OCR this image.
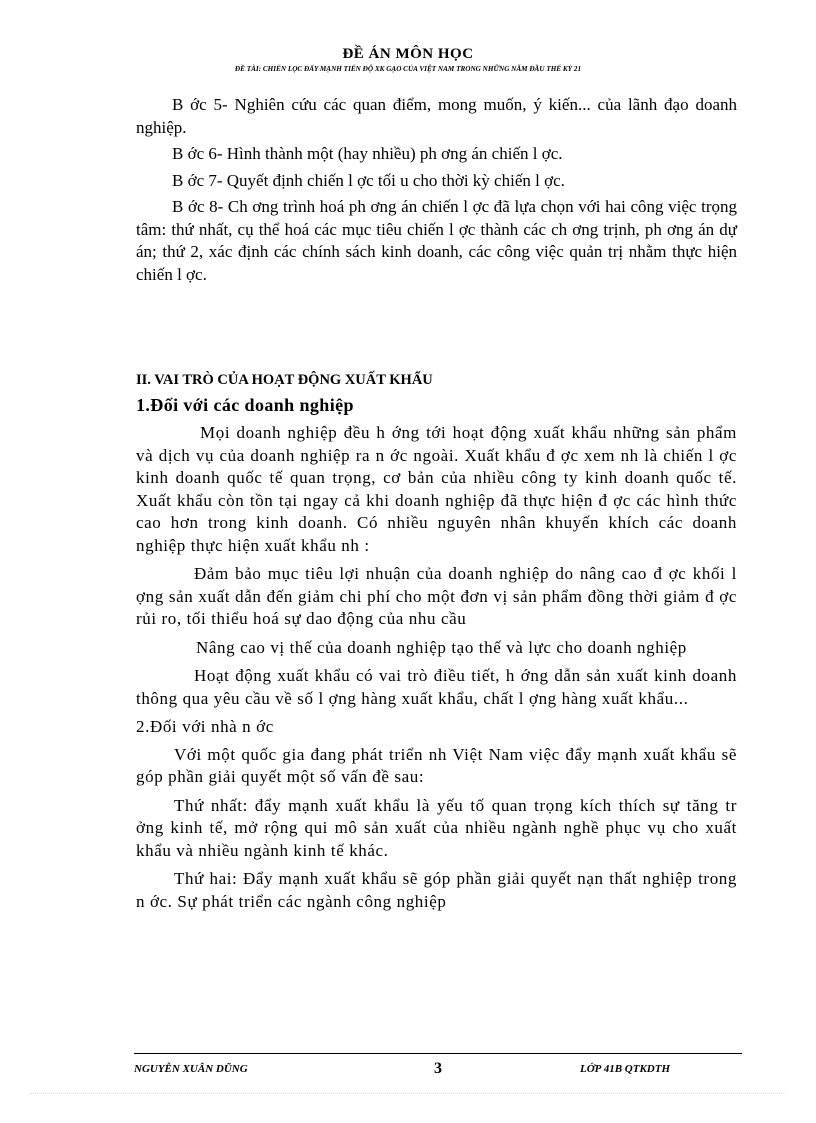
ĐỀ ÁN MÔN HỌC
ĐỀ TÀI: CHIẾN LỌC ĐẨY MẠNH TIẾN ĐỘ XK GẠO CỦA VIỆT NAM TRONG NHỮNG NĂM ĐẦU THẾ KỶ 21

B ớc 5- Nghiên cứu các quan điểm, mong muốn, ý kiến... của lãnh đạo doanh nghiệp.

B ớc 6- Hình thành một (hay nhiều) ph ơng án chiến l ợc.

B ớc 7- Quyết định chiến l ợc tối u cho thời kỳ chiến l ợc.

B ớc 8- Ch ơng trình hoá ph ơng án chiến l ợc đã lựa chọn với hai công việc trọng tâm: thứ nhất, cụ thể hoá các mục tiêu chiến l ợc thành các ch ơng trịnh, ph ơng án dự án; thứ 2, xác định các chính sách kinh doanh, các công việc quản trị nhằm thực hiện chiến l ợc.

II. VAI TRÒ CỦA HOẠT ĐỘNG XUẤT KHẨU
1.Đối với các doanh nghiệp

Mọi doanh nghiệp đều h ớng tới hoạt động xuất khẩu những sản phẩm và dịch vụ của doanh nghiệp ra n ớc ngoài. Xuất khẩu đ ợc xem nh là chiến l ợc kinh doanh quốc tế quan trọng, cơ bản của nhiều công ty kinh doanh quốc tế. Xuất khẩu còn tồn tại ngay cả khi doanh nghiệp đã thực hiện đ ợc các hình thức cao hơn trong kinh doanh. Có nhiều nguyên nhân khuyến khích các doanh nghiệp thực hiện xuất khẩu nh :

Đảm bảo mục tiêu lợi nhuận của doanh nghiệp do nâng cao đ ợc khối l ợng sản xuất dẫn đến giảm chi phí cho một đơn vị sản phẩm đồng thời giảm đ ợc rủi ro, tối thiểu hoá sự dao động của nhu cầu

Nâng cao vị thế của doanh nghiệp tạo thế và lực cho doanh nghiệp

Hoạt động xuất khẩu có vai trò điều tiết, h ớng dẫn sản xuất kinh doanh thông qua yêu cầu về số l ợng hàng xuất khẩu, chất l ợng hàng xuất khẩu...

2.Đối với nhà n ớc

Với một quốc gia đang phát triển nh Việt Nam việc đẩy mạnh xuất khẩu sẽ góp phần giải quyết một số vấn đề sau:

Thứ nhất: đẩy mạnh xuất khẩu là yếu tố quan trọng kích thích sự tăng tr ởng kinh tế, mở rộng qui mô sản xuất của nhiều ngành nghề phục vụ cho xuất khẩu và nhiều ngành kinh tế khác.

Thứ hai: Đẩy mạnh xuất khẩu sẽ góp phần giải quyết nạn thất nghiệp trong n ớc. Sự phát triển các ngành công nghiệp

NGUYỄN XUÂN DŨNG	3	LỚP 41B QTKDTH
